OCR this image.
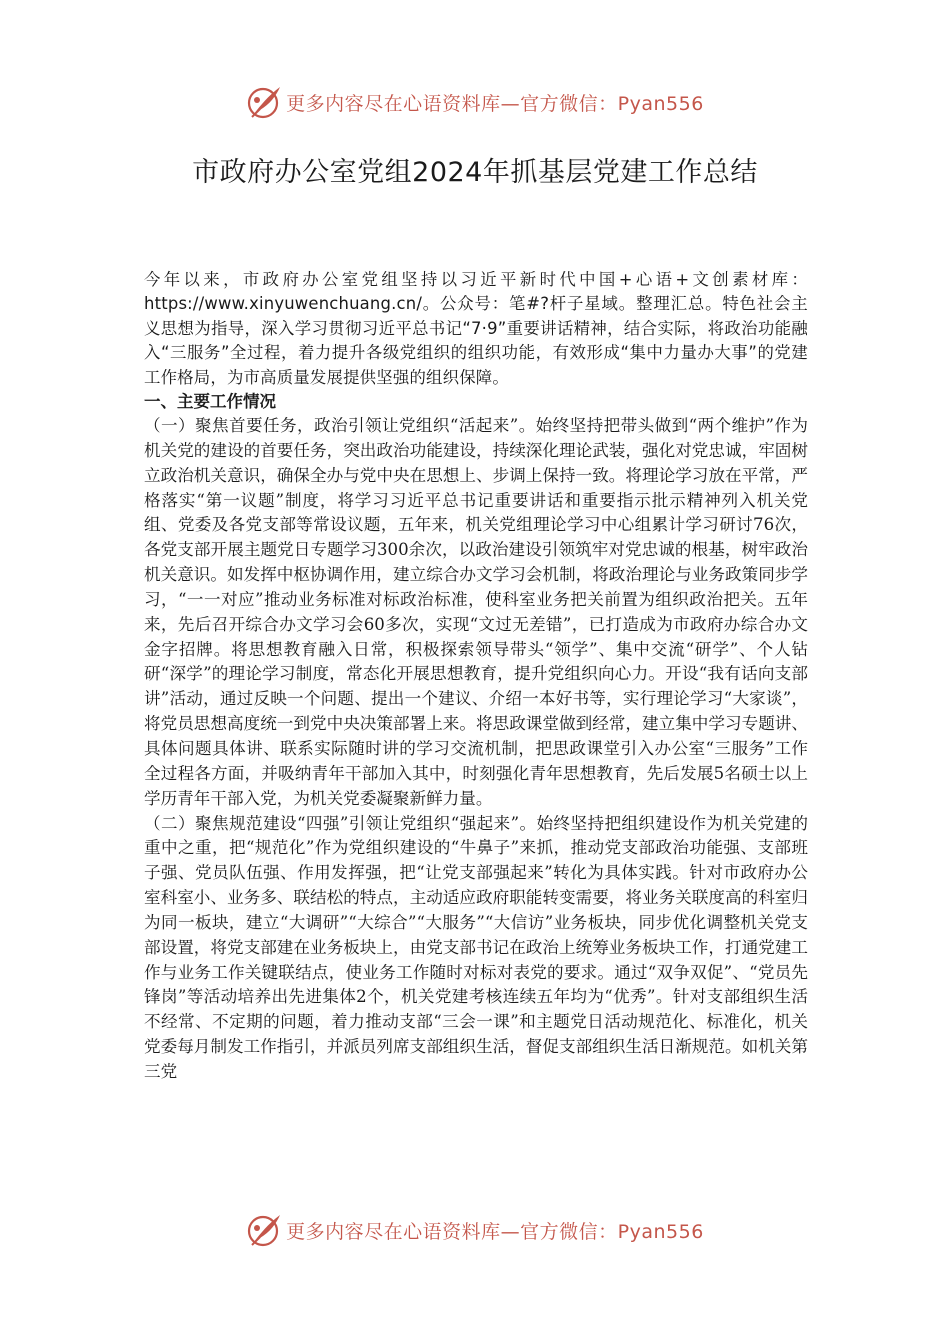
更多内容尽在心语资料库—官方微信：Pyan556
市政府办公室党组2024年抓基层党建工作总结

今年以来，市政府办公室党组坚持以习近平新时代中国+心语+文创素材库：https://www.xinyuwenchuang.cn/。公众号：笔#?杆子星域。整理汇总。特色社会主义思想为指导，深入学习贯彻习近平总书记“7·9”重要讲话精神，结合实际，将政治功能融入“三服务”全过程，着力提升各级党组织的组织功能，有效形成“集中力量办大事”的党建工作格局，为市高质量发展提供坚强的组织保障。

一、主要工作情况

（一）聚焦首要任务，政治引领让党组织“活起来”。始终坚持把带头做到“两个维护”作为机关党的建设的首要任务，突出政治功能建设，持续深化理论武装，强化对党忠诚，牢固树立政治机关意识，确保全办与党中央在思想上、步调上保持一致。将理论学习放在平常，严格落实“第一议题”制度，将学习习近平总书记重要讲话和重要指示批示精神列入机关党组、党委及各党支部等常设议题，五年来，机关党组理论学习中心组累计学习研讨76次，各党支部开展主题党日专题学习300余次，以政治建设引领筑牢对党忠诚的根基，树牢政治机关意识。如发挥中枢协调作用，建立综合办文学习会机制，将政治理论与业务政策同步学习，“一一对应”推动业务标准对标政治标准，使科室业务把关前置为组织政治把关。五年来，先后召开综合办文学习会60多次，实现“文过无差错”，已打造成为市政府办综合办文金字招牌。将思想教育融入日常，积极探索领导带头“领学”、集中交流“研学”、个人钻研“深学”的理论学习制度，常态化开展思想教育，提升党组织向心力。开设“我有话向支部讲”活动，通过反映一个问题、提出一个建议、介绍一本好书等，实行理论学习“大家谈”，将党员思想高度统一到党中央决策部署上来。将思政课堂做到经常，建立集中学习专题讲、具体问题具体讲、联系实际随时讲的学习交流机制，把思政课堂引入办公室“三服务”工作全过程各方面，并吸纳青年干部加入其中，时刻强化青年思想教育，先后发展5名硕士以上学历青年干部入党，为机关党委凝聚新鲜力量。

（二）聚焦规范建设“四强”引领让党组织“强起来”。始终坚持把组织建设作为机关党建的重中之重，把“规范化”作为党组织建设的“牛鼻子”来抓，推动党支部政治功能强、支部班子强、党员队伍强、作用发挥强，把“让党支部强起来”转化为具体实践。针对市政府办公室科室小、业务多、联结松的特点，主动适应政府职能转变需要，将业务关联度高的科室归为同一板块，建立“大调研”“大综合”“大服务”“大信访”业务板块，同步优化调整机关党支部设置，将党支部建在业务板块上，由党支部书记在政治上统筹业务板块工作，打通党建工作与业务工作关键联结点，使业务工作随时对标对表党的要求。通过“双争双促”、“党员先锋岗”等活动培养出先进集体2个，机关党建考核连续五年均为“优秀”。针对支部组织生活不经常、不定期的问题，着力推动支部“三会一课”和主题党日活动规范化、标准化，机关党委每月制发工作指引，并派员列席支部组织生活，督促支部组织生活日渐规范。如机关第三党

更多内容尽在心语资料库—官方微信：Pyan556
